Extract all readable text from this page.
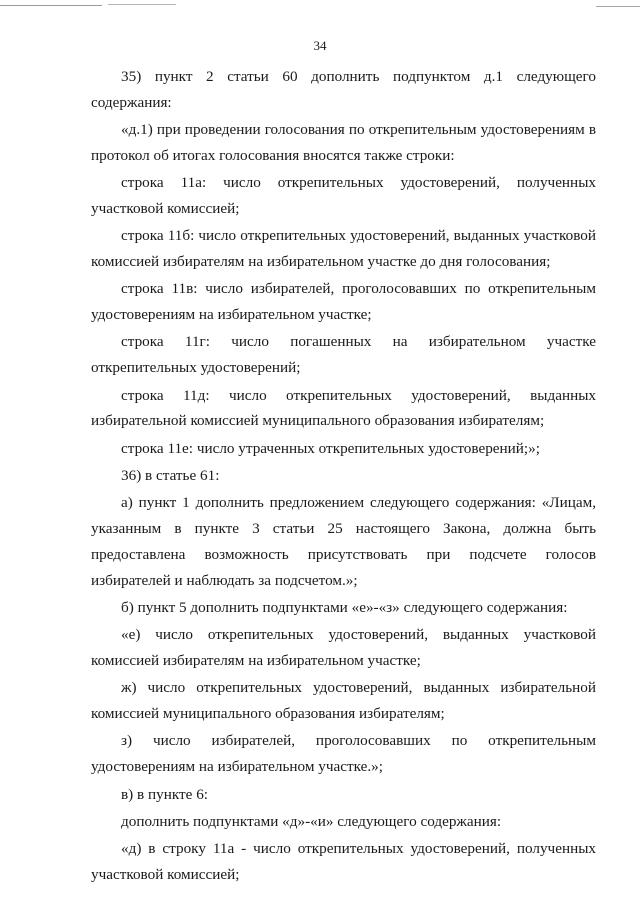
34

35) пункт 2 статьи 60 дополнить подпунктом д.1 следующего содержания:

«д.1) при проведении голосования по открепительным удостоверениям в протокол об итогах голосования вносятся также строки:

строка 11а: число открепительных удостоверений, полученных участковой комиссией;

строка 11б: число открепительных удостоверений, выданных участковой комиссией избирателям на избирательном участке до дня голосования;

строка 11в: число избирателей, проголосовавших по открепительным удостоверениям на избирательном участке;

строка 11г: число погашенных на избирательном участке открепительных удостоверений;

строка 11д: число открепительных удостоверений, выданных избирательной комиссией муниципального образования избирателям;

строка 11е: число утраченных открепительных удостоверений;»;

36) в статье 61:

а) пункт 1 дополнить предложением следующего содержания: «Лицам, указанным в пункте 3 статьи 25 настоящего Закона, должна быть предоставлена возможность присутствовать при подсчете голосов избирателей и наблюдать за подсчетом.»;

б) пункт 5 дополнить подпунктами «е»-«з» следующего содержания:

«е) число открепительных удостоверений, выданных участковой комиссией избирателям на избирательном участке;

ж) число открепительных удостоверений, выданных избирательной комиссией муниципального образования избирателям;

з) число избирателей, проголосовавших по открепительным удостоверениям на избирательном участке.»;

в) в пункте 6:

дополнить подпунктами «д»-«и» следующего содержания:

«д) в строку 11а - число открепительных удостоверений, полученных участковой комиссией;
